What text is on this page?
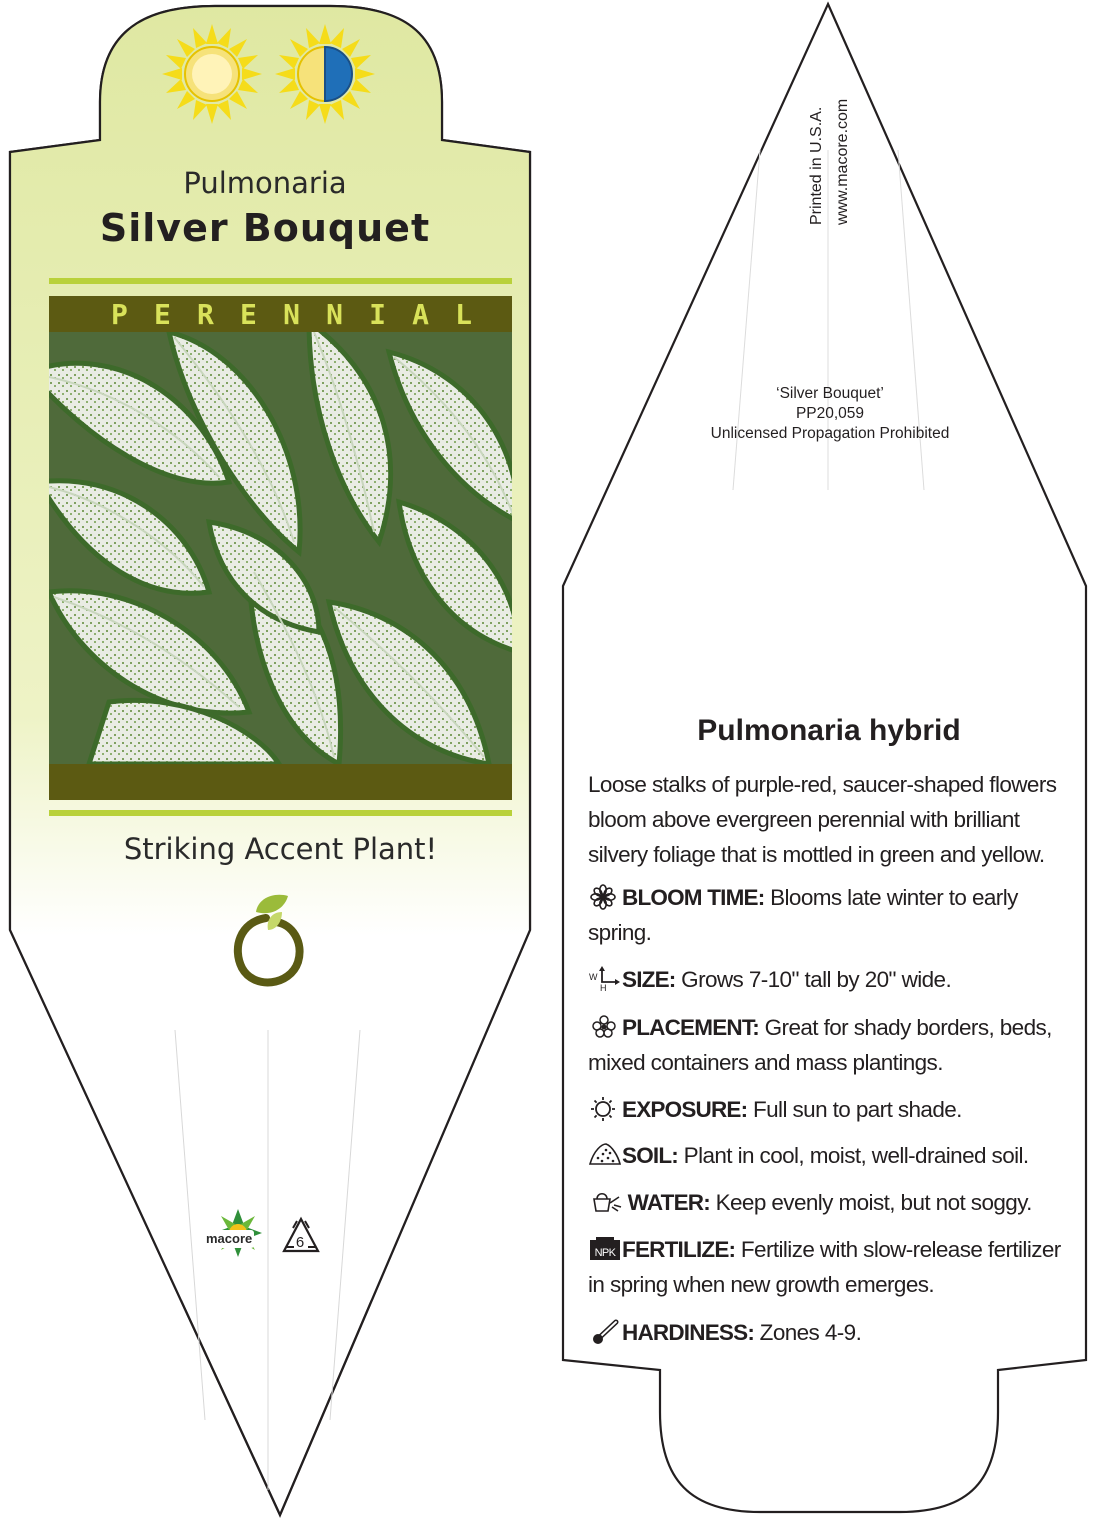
Pulmonaria
Silver Bouquet
P E R E N N I A L
Striking Accent Plant!
macore	6
Printed in U.S.A. www.macore.com
‘Silver Bouquet’
PP20,059
Unlicensed Propagation Prohibited
Pulmonaria hybrid
Loose stalks of purple-red, saucer-shaped flowers bloom above evergreen perennial with brilliant silvery foliage that is mottled in green and yellow.
BLOOM TIME: Blooms late winter to early spring.
W
H SIZE: Grows 7-10" tall by 20" wide.
PLACEMENT: Great for shady borders, beds, mixed containers and mass plantings.
EXPOSURE: Full sun to part shade.
SOIL: Plant in cool, moist, well-drained soil.
WATER: Keep evenly moist, but not soggy.
NPK FERTILIZE: Fertilize with slow-release fertilizer in spring when new growth emerges.
HARDINESS: Zones 4-9.
